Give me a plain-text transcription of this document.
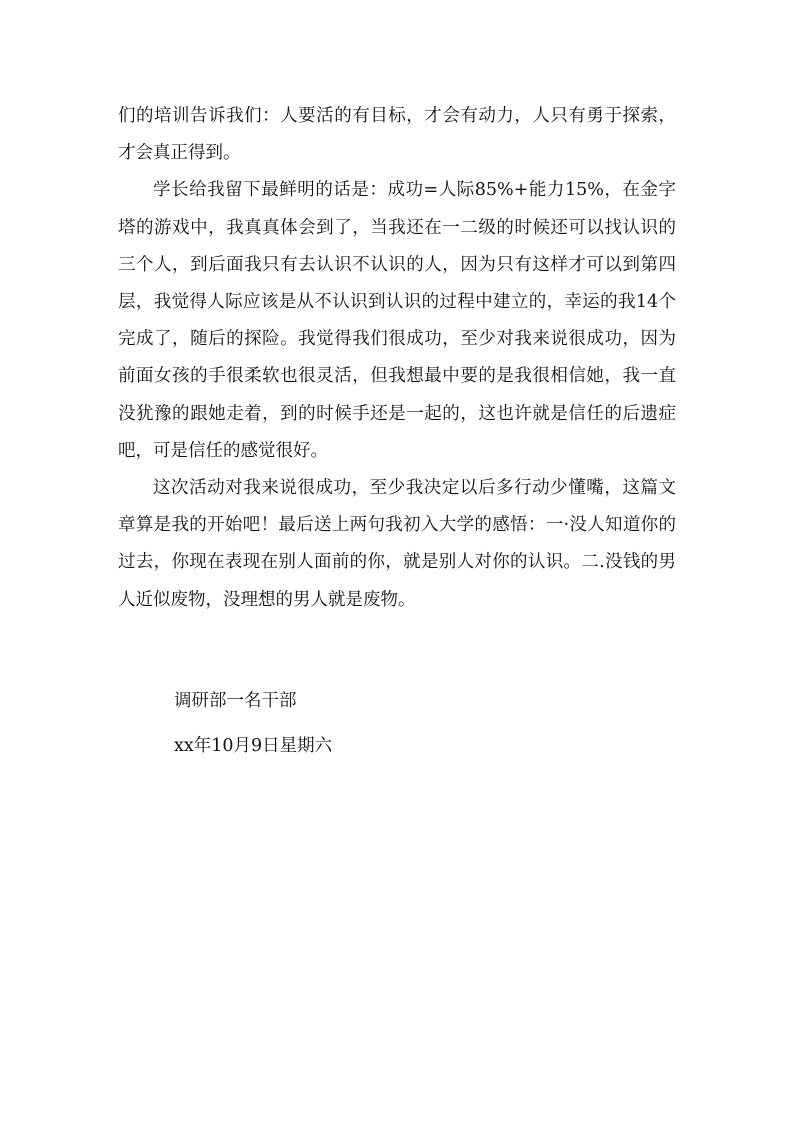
们的培训告诉我们：人要活的有目标，才会有动力，人只有勇于探索，才会真正得到。

学长给我留下最鲜明的话是：成功=人际85%+能力15%，在金字塔的游戏中，我真真体会到了，当我还在一二级的时候还可以找认识的三个人，到后面我只有去认识不认识的人，因为只有这样才可以到第四层，我觉得人际应该是从不认识到认识的过程中建立的，幸运的我14个完成了，随后的探险。我觉得我们很成功，至少对我来说很成功，因为前面女孩的手很柔软也很灵活，但我想最中要的是我很相信她，我一直没犹豫的跟她走着，到的时候手还是一起的，这也许就是信任的后遗症吧，可是信任的感觉很好。

这次活动对我来说很成功，至少我决定以后多行动少懂嘴，这篇文章算是我的开始吧！最后送上两句我初入大学的感悟：一·没人知道你的过去，你现在表现在别人面前的你，就是别人对你的认识。二.没钱的男人近似废物，没理想的男人就是废物。

调研部一名干部
xx年10月9日星期六
